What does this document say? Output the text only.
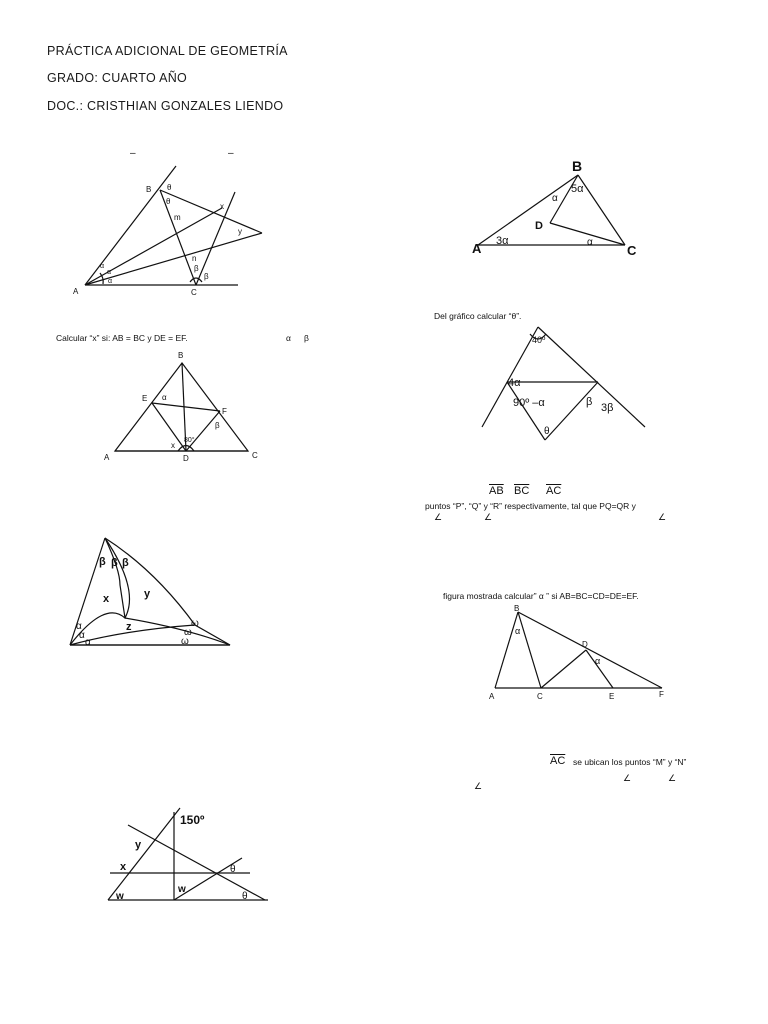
PRÁCTICA ADICIONAL DE GEOMETRÍA
GRADO: CUARTO AÑO
DOC.: CRISTHIAN GONZALES LIENDO
–	–
B
A	C
θ
θ
m
x
y
n
β
β
α
α
α
Calcular “x” si: AB = BC y DE = EF.	α β
B
A	C
D
E
F
α
β
x
80°
β β β
x	y
z
α
α
α
ω
ω
ω
150º
y
x
w
w
θ
θ
B
A	C
D
3α
5α
α
α
Del gráfico calcular “θ”.
40º
4α
90º –α	β 3β
θ
$\overline{AB}$ $\overline{BC}$ $\overline{AC}$
puntos “P”, “Q” y “R” respectivamente, tal que PQ=QR y
∠	∠	∠
figura mostrada calcular” α ” si AB=BC=CD=DE=EF.
B
A	C
D
E	F
α
α
$\overline{AC}$ se ubican los puntos “M” y “N”
∠
∠	∠
